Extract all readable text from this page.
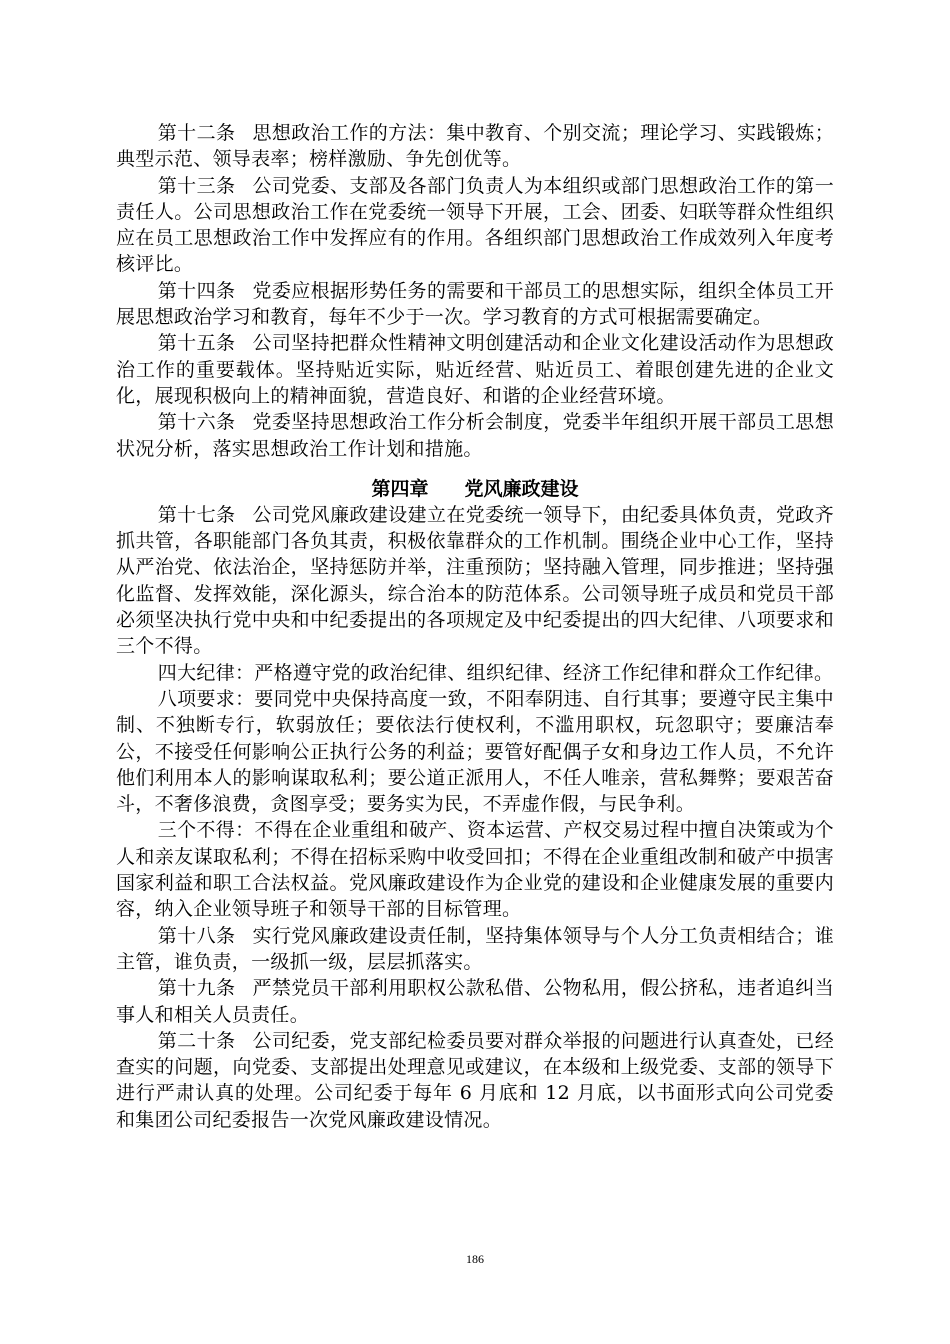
第十二条 思想政治工作的方法：集中教育、个别交流；理论学习、实践锻炼；典型示范、领导表率；榜样激励、争先创优等。

第十三条 公司党委、支部及各部门负责人为本组织或部门思想政治工作的第一责任人。公司思想政治工作在党委统一领导下开展，工会、团委、妇联等群众性组织应在员工思想政治工作中发挥应有的作用。各组织部门思想政治工作成效列入年度考核评比。

第十四条 党委应根据形势任务的需要和干部员工的思想实际，组织全体员工开展思想政治学习和教育，每年不少于一次。学习教育的方式可根据需要确定。

第十五条 公司坚持把群众性精神文明创建活动和企业文化建设活动作为思想政治工作的重要载体。坚持贴近实际，贴近经营、贴近员工、着眼创建先进的企业文化，展现积极向上的精神面貌，营造良好、和谐的企业经营环境。

第十六条 党委坚持思想政治工作分析会制度，党委半年组织开展干部员工思想状况分析，落实思想政治工作计划和措施。

第四章 党风廉政建设

第十七条 公司党风廉政建设建立在党委统一领导下，由纪委具体负责，党政齐抓共管，各职能部门各负其责，积极依靠群众的工作机制。围绕企业中心工作，坚持从严治党、依法治企，坚持惩防并举，注重预防；坚持融入管理，同步推进；坚持强化监督、发挥效能，深化源头，综合治本的防范体系。公司领导班子成员和党员干部必须坚决执行党中央和中纪委提出的各项规定及中纪委提出的四大纪律、八项要求和三个不得。

四大纪律：严格遵守党的政治纪律、组织纪律、经济工作纪律和群众工作纪律。

八项要求：要同党中央保持高度一致，不阳奉阴违、自行其事；要遵守民主集中制、不独断专行，软弱放任；要依法行使权利，不滥用职权，玩忽职守；要廉洁奉公，不接受任何影响公正执行公务的利益；要管好配偶子女和身边工作人员，不允许他们利用本人的影响谋取私利；要公道正派用人，不任人唯亲，营私舞弊；要艰苦奋斗，不奢侈浪费，贪图享受；要务实为民，不弄虚作假，与民争利。

三个不得：不得在企业重组和破产、资本运营、产权交易过程中擅自决策或为个人和亲友谋取私利；不得在招标采购中收受回扣；不得在企业重组改制和破产中损害国家利益和职工合法权益。党风廉政建设作为企业党的建设和企业健康发展的重要内容，纳入企业领导班子和领导干部的目标管理。

第十八条 实行党风廉政建设责任制，坚持集体领导与个人分工负责相结合；谁主管，谁负责，一级抓一级，层层抓落实。

第十九条 严禁党员干部利用职权公款私借、公物私用，假公挤私，违者追纠当事人和相关人员责任。

第二十条 公司纪委，党支部纪检委员要对群众举报的问题进行认真查处，已经查实的问题，向党委、支部提出处理意见或建议，在本级和上级党委、支部的领导下进行严肃认真的处理。公司纪委于每年 6 月底和 12 月底，以书面形式向公司党委和集团公司纪委报告一次党风廉政建设情况。

186
